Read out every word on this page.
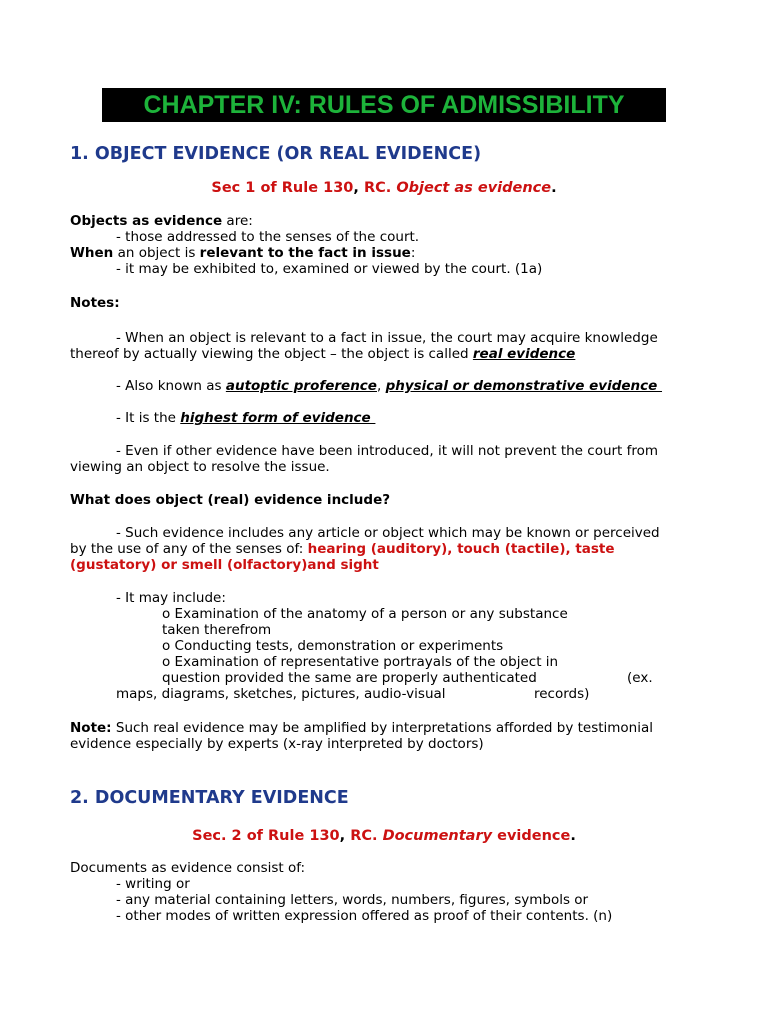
CHAPTER IV: RULES OF ADMISSIBILITY
1. OBJECT EVIDENCE (OR REAL EVIDENCE)
Sec 1 of Rule 130, RC. Object as evidence.
Objects as evidence are:
- those addressed to the senses of the court.
When an object is relevant to the fact in issue:
- it may be exhibited to, examined or viewed by the court. (1a)
Notes:
- When an object is relevant to a fact in issue, the court may acquire knowledge
thereof by actually viewing the object – the object is called real evidence
- Also known as autoptic proference, physical or demonstrative evidence
- It is the highest form of evidence
- Even if other evidence have been introduced, it will not prevent the court from
viewing an object to resolve the issue.
What does object (real) evidence include?
- Such evidence includes any article or object which may be known or perceived
by the use of any of the senses of: hearing (auditory), touch (tactile), taste
(gustatory) or smell (olfactory)and sight
- It may include:
o Examination of the anatomy of a person or any substance
taken therefrom
o Conducting tests, demonstration or experiments
o Examination of representative portrayals of the object in
question provided the same are properly authenticated	(ex.
maps, diagrams, sketches, pictures, audio-visual	records)
Note: Such real evidence may be amplified by interpretations afforded by testimonial
evidence especially by experts (x-ray interpreted by doctors)
2. DOCUMENTARY EVIDENCE
Sec. 2 of Rule 130, RC. Documentary evidence.
Documents as evidence consist of:
- writing or
- any material containing letters, words, numbers, figures, symbols or
- other modes of written expression offered as proof of their contents. (n)
